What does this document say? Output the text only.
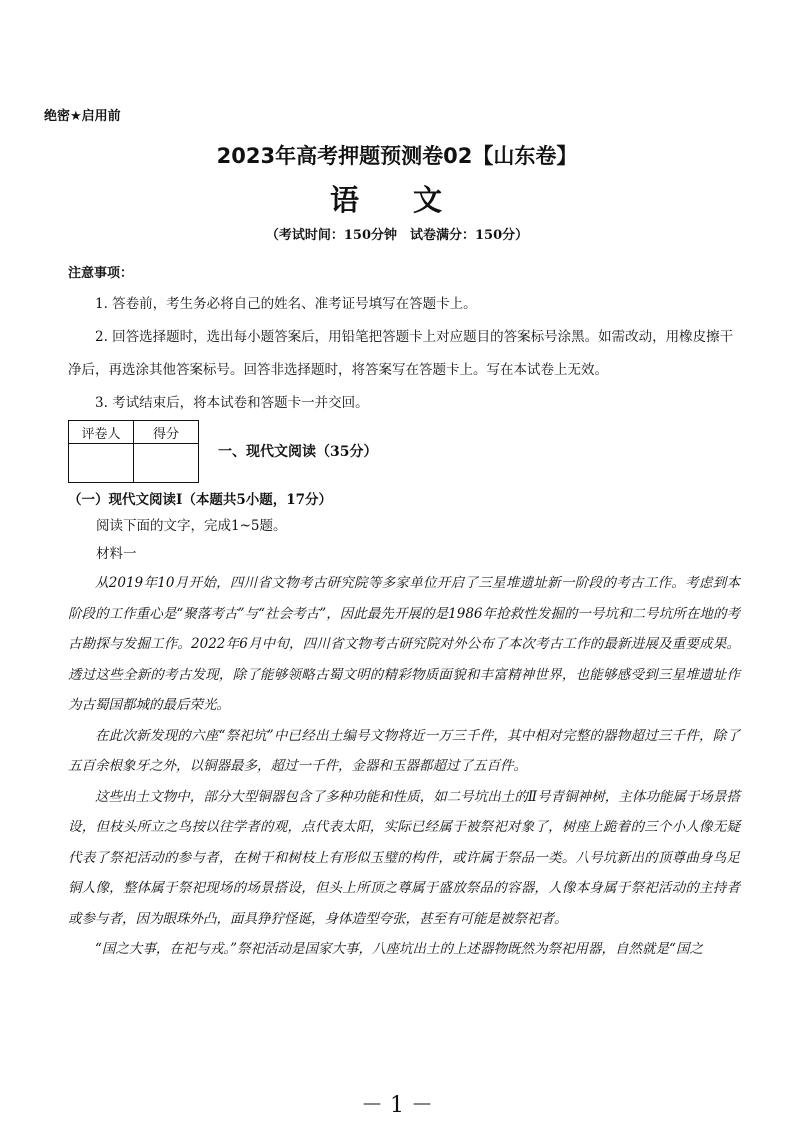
绝密★启用前
2023年高考押题预测卷02【山东卷】
语 文
（考试时间：150分钟　试卷满分：150分）
注意事项：

1. 答卷前，考生务必将自己的姓名、准考证号填写在答题卡上。

2. 回答选择题时，选出每小题答案后，用铅笔把答题卡上对应题目的答案标号涂黑。如需改动，用橡皮擦干净后，再选涂其他答案标号。回答非选择题时，将答案写在答题卡上。写在本试卷上无效。

3. 考试结束后，将本试卷和答题卡一并交回。

评卷人	得分

一、现代文阅读（35分）
（一）现代文阅读Ⅰ（本题共5小题，17分）
阅读下面的文字，完成1~5题。
材料一

从2019年10月开始，四川省文物考古研究院等多家单位开启了三星堆遗址新一阶段的考古工作。考虑到本阶段的工作重心是“聚落考古”与“社会考古”，因此最先开展的是1986年抢救性发掘的一号坑和二号坑所在地的考古勘探与发掘工作。2022年6月中旬，四川省文物考古研究院对外公布了本次考古工作的最新进展及重要成果。透过这些全新的考古发现，除了能够领略古蜀文明的精彩物质面貌和丰富精神世界，也能够感受到三星堆遗址作为古蜀国都城的最后荣光。

在此次新发现的六座“祭祀坑”中已经出土编号文物将近一万三千件，其中相对完整的器物超过三千件，除了五百余根象牙之外，以铜器最多，超过一千件，金器和玉器都超过了五百件。

这些出土文物中，部分大型铜器包含了多种功能和性质，如二号坑出土的Ⅱ号青铜神树，主体功能属于场景搭设，但枝头所立之鸟按以往学者的观，点代表太阳，实际已经属于被祭祀对象了，树座上跪着的三个小人像无疑代表了祭祀活动的参与者，在树干和树枝上有形似玉璧的构件，或许属于祭品一类。八号坑新出的顶尊曲身鸟足铜人像，整体属于祭祀现场的场景搭设，但头上所顶之尊属于盛放祭品的容器，人像本身属于祭祀活动的主持者或参与者，因为眼珠外凸，面具狰狞怪诞，身体造型夸张，甚至有可能是被祭祀者。

“国之大事，在祀与戎。”祭祀活动是国家大事，八座坑出土的上述器物既然为祭祀用器，自然就是“国之

－ 1 －
